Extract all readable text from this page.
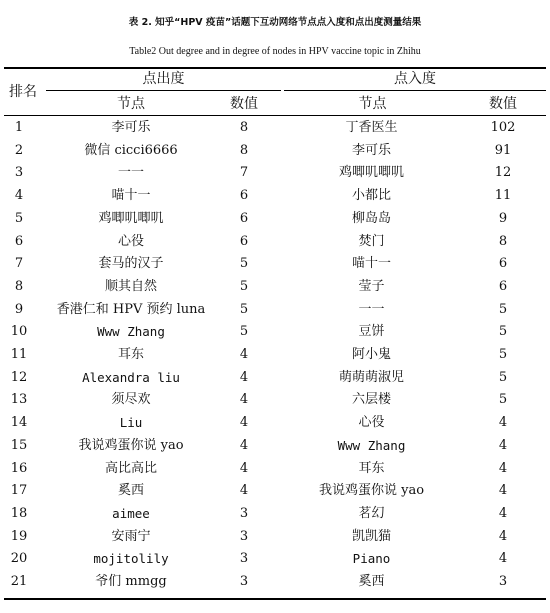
表 2. 知乎“HPV 疫苗”话题下互动网络节点点入度和点出度测量结果
Table2 Out degree and in degree of nodes in HPV vaccine topic in Zhihu
排名
点出度	点入度
节点	数值	节点	数值
1	李可乐	8	丁香医生	102
2	微信 cicci6666	8	李可乐	91
3	一一	7	鸡唧叽唧叽	12
4	喵十一	6	小都比	11
5	鸡唧叽唧叽	6	柳岛岛	9
6	心役	6	焚门	8
7	套马的汉子	5	喵十一	6
8	顺其自然	5	莹子	6
9	香港仁和 HPV 预约 luna	5	一一	5
10	Www Zhang	5	豆饼	5
11	耳东	4	阿小鬼	5
12	Alexandra liu	4	萌萌萌淑児	5
13	须尽欢	4	六层楼	5
14	Liu	4	心役	4
15	我说鸡蛋你说 yao	4	Www Zhang	4
16	高比高比	4	耳东	4
17	奚西	4	我说鸡蛋你说 yao	4
18	aimee	3	茗幻	4
19	安雨宁	3	凯凯猫	4
20	mojitolily	3	Piano	4
21	爷们 mmgg	3	奚西	3
